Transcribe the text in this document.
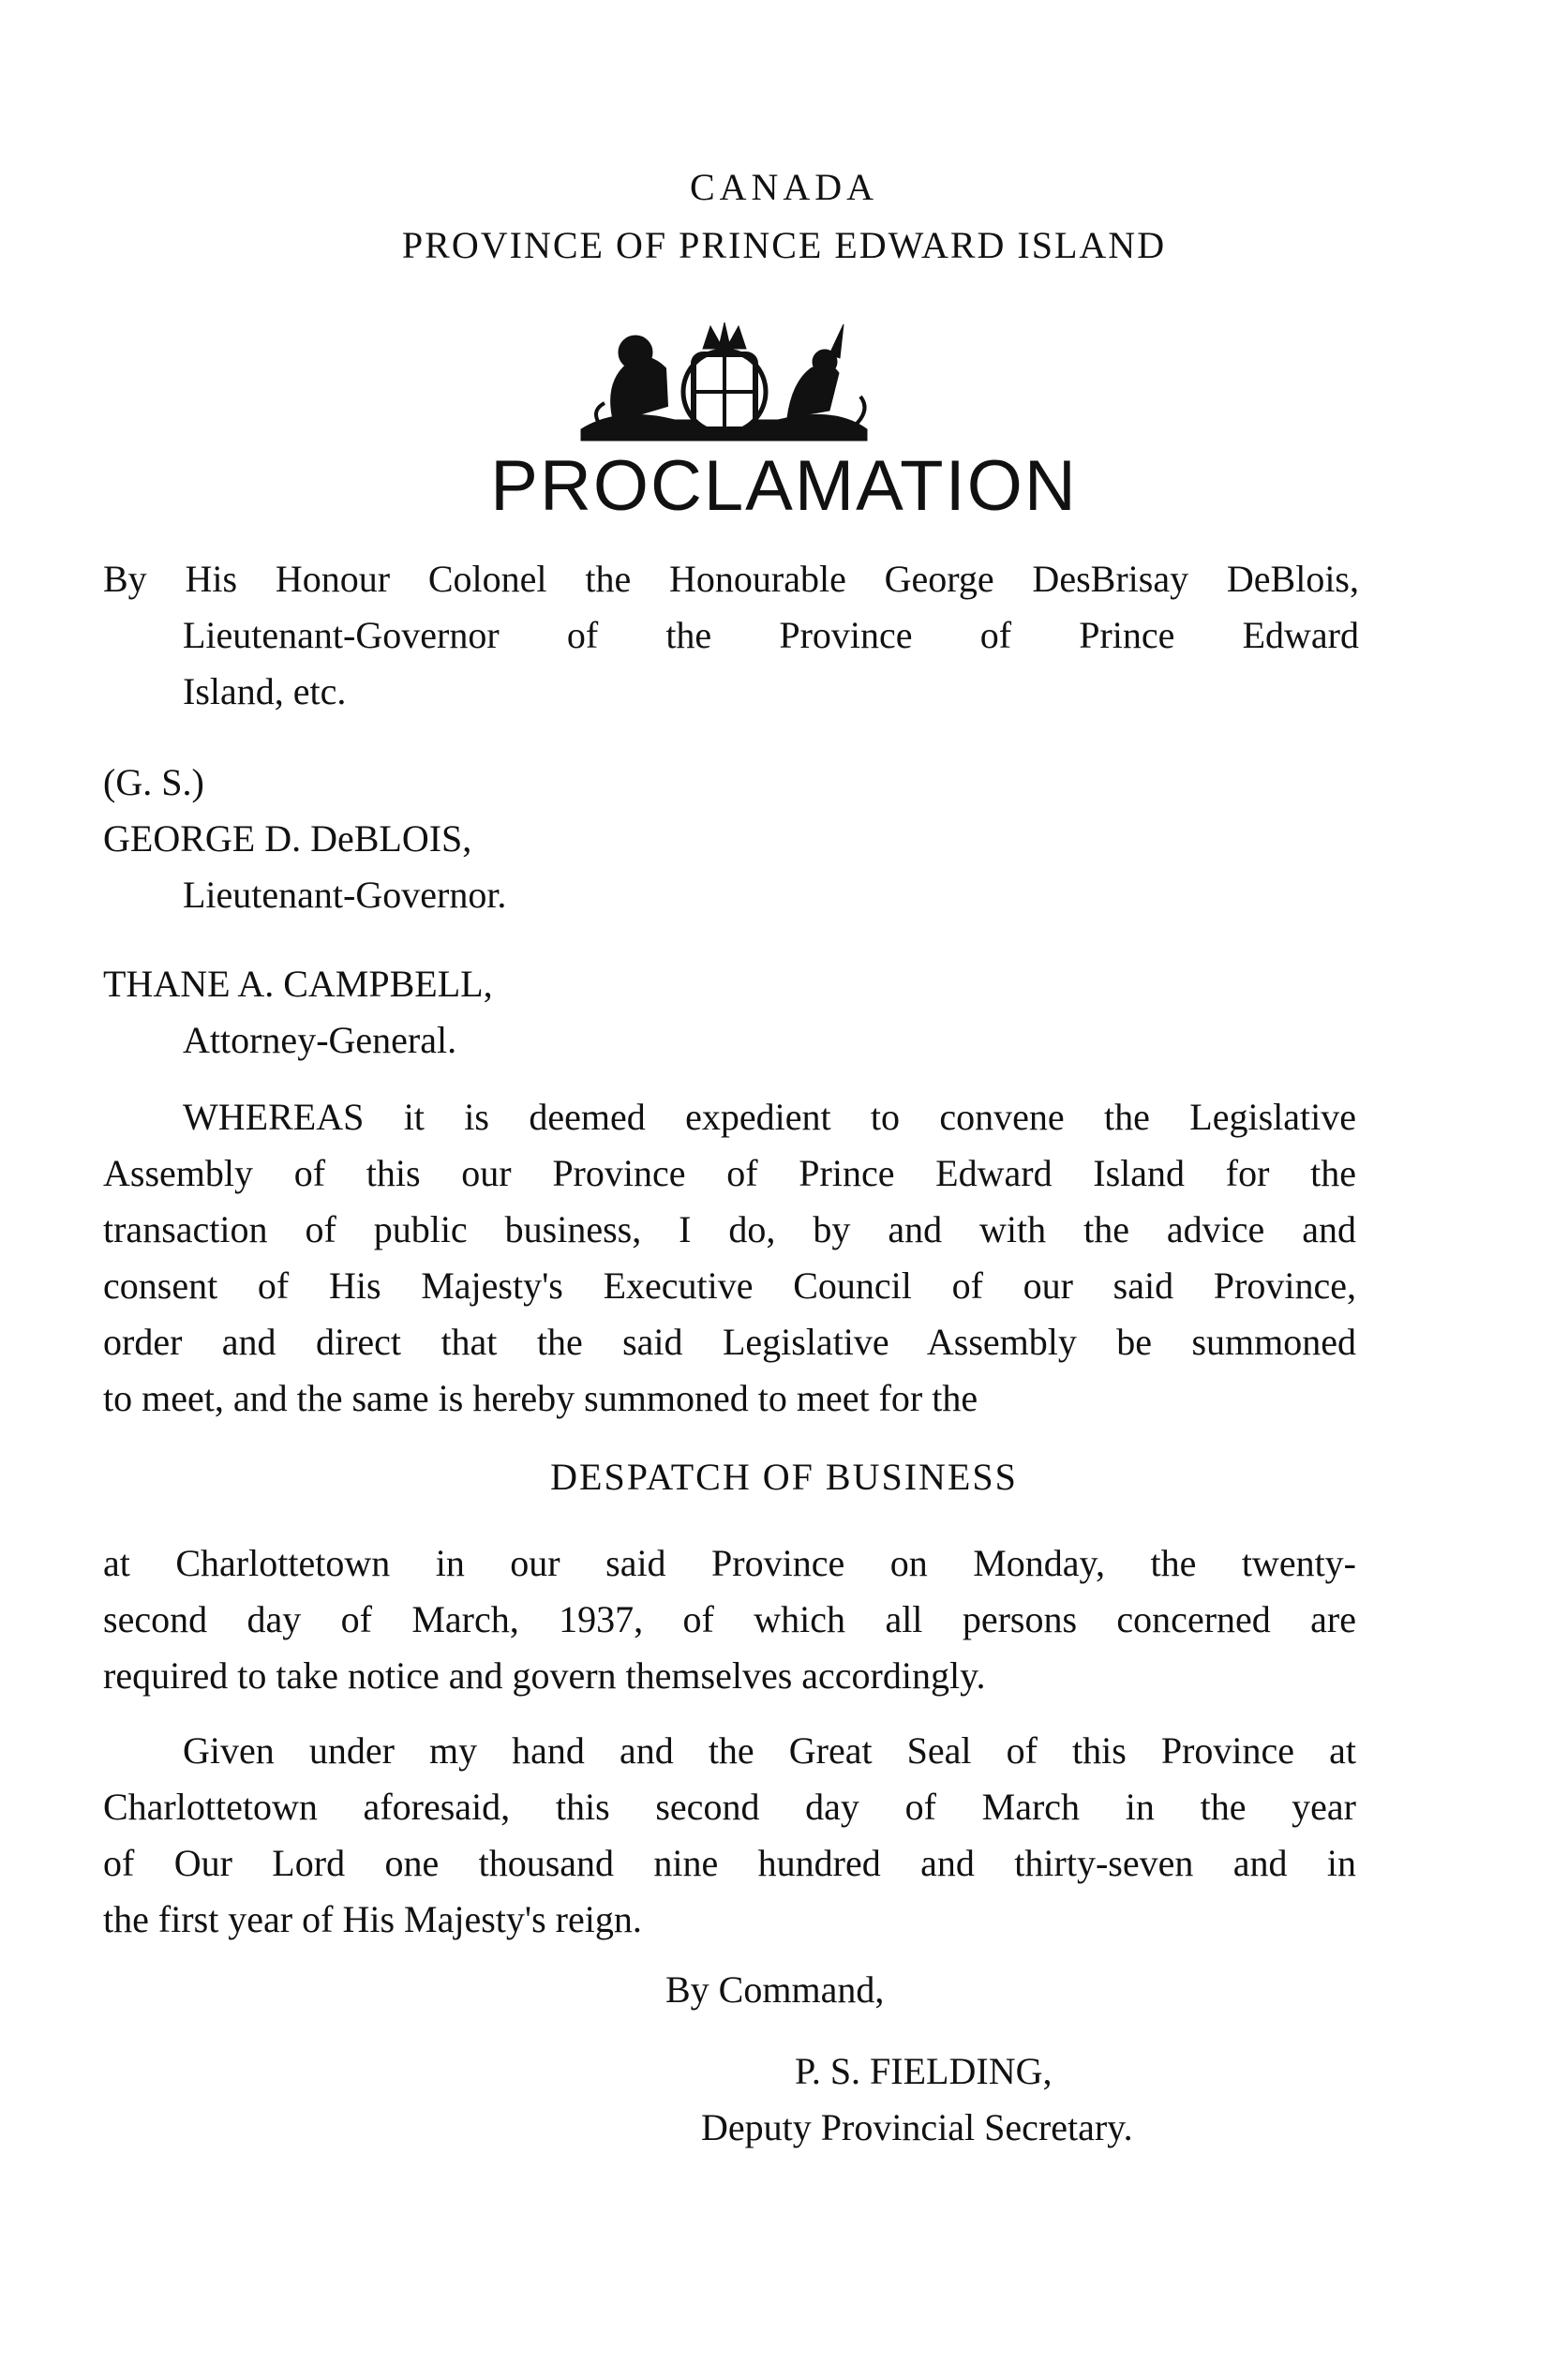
CANADA
PROVINCE OF PRINCE EDWARD ISLAND
PROCLAMATION
By His Honour Colonel the Honourable George DesBrisay DeBlois,
Lieutenant-Governor of the Province of Prince Edward
Island, etc.
(G. S.)
GEORGE D. DeBLOIS,
Lieutenant-Governor.
THANE A. CAMPBELL,
Attorney-General.
WHEREAS it is deemed expedient to convene the Legislative
Assembly of this our Province of Prince Edward Island for the
transaction of public business, I do, by and with the advice and
consent of His Majesty's Executive Council of our said Province,
order and direct that the said Legislative Assembly be summoned
to meet, and the same is hereby summoned to meet for the
DESPATCH OF BUSINESS
at Charlottetown in our said Province on Monday, the twenty-
second day of March, 1937, of which all persons concerned are
required to take notice and govern themselves accordingly.
Given under my hand and the Great Seal of this Province at
Charlottetown aforesaid, this second day of March in the year
of Our Lord one thousand nine hundred and thirty-seven and in
the first year of His Majesty's reign.
By Command,
P. S. FIELDING,
Deputy Provincial Secretary.
